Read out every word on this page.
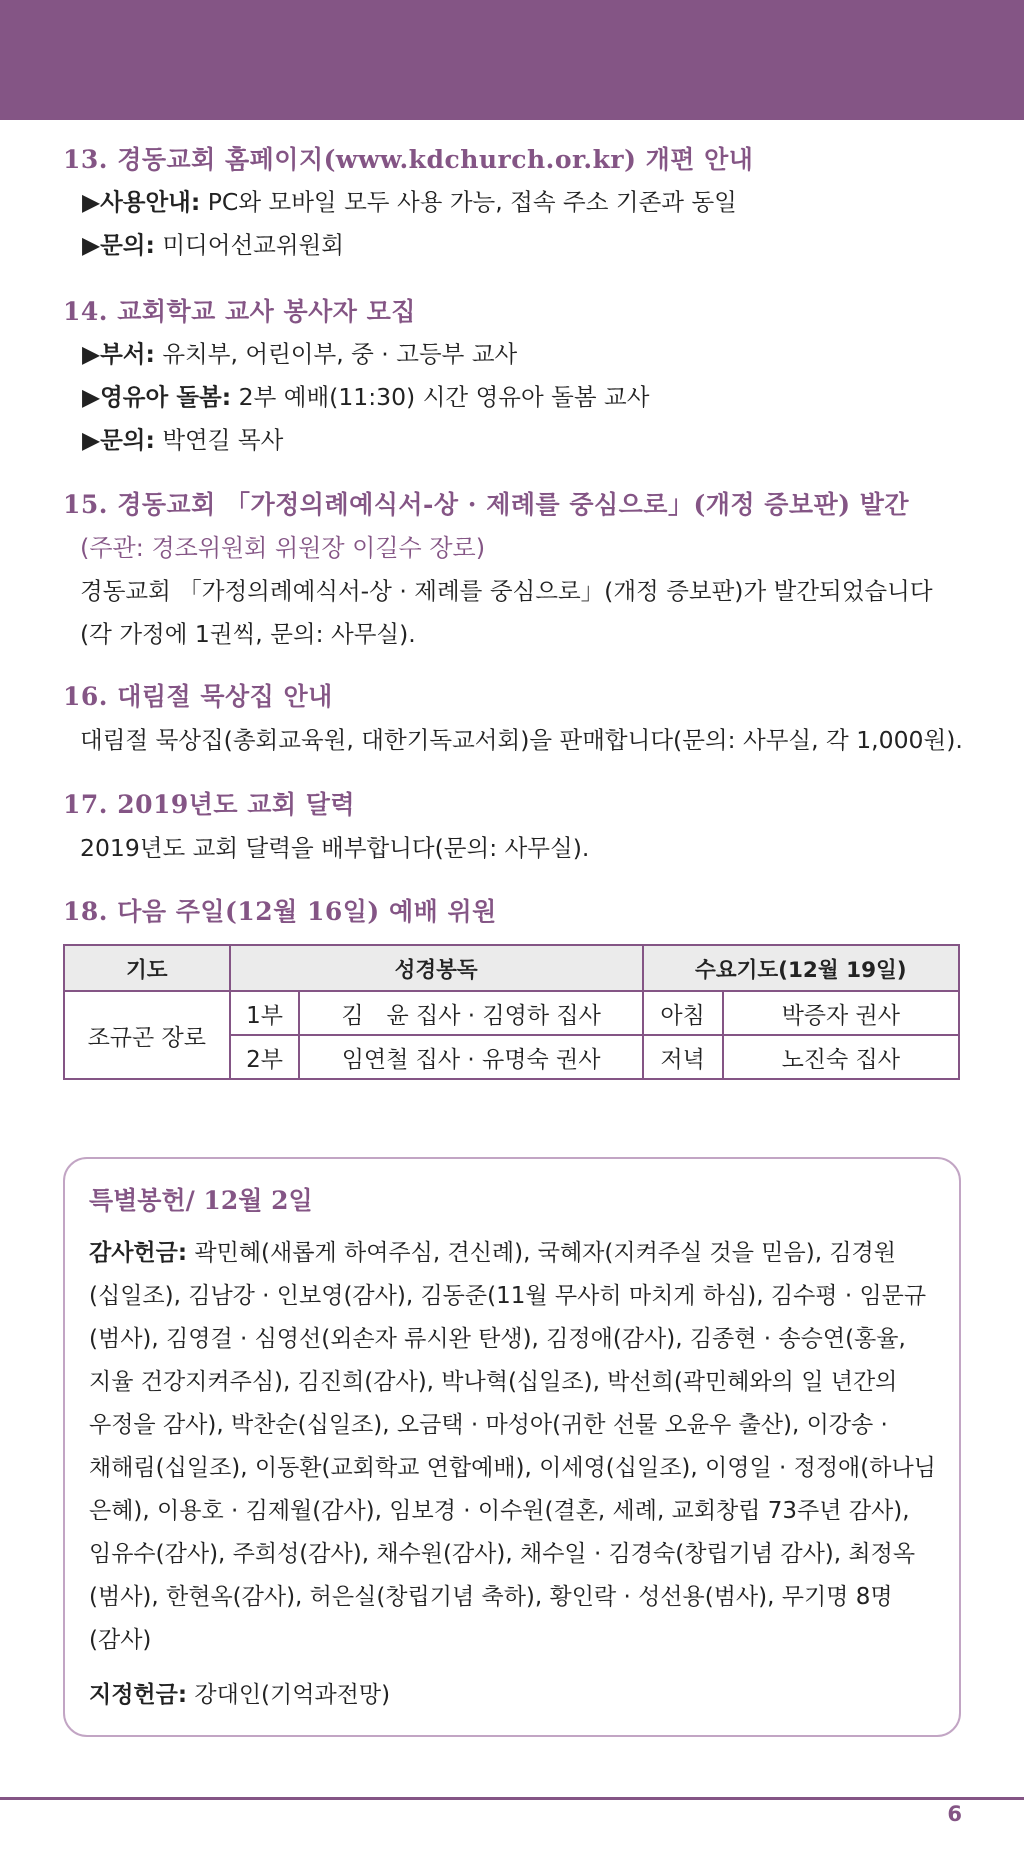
13. 경동교회 홈페이지(www.kdchurch.or.kr) 개편 안내
▶사용안내: PC와 모바일 모두 사용 가능, 접속 주소 기존과 동일
▶문의: 미디어선교위원회
14. 교회학교 교사 봉사자 모집
▶부서: 유치부, 어린이부, 중 · 고등부 교사
▶영유아 돌봄: 2부 예배(11:30) 시간 영유아 돌봄 교사
▶문의: 박연길 목사
15. 경동교회 「가정의례예식서-상 · 제례를 중심으로」(개정 증보판) 발간
(주관: 경조위원회 위원장 이길수 장로)
경동교회 「가정의례예식서-상 · 제례를 중심으로」(개정 증보판)가 발간되었습니다
(각 가정에 1권씩, 문의: 사무실).
16. 대림절 묵상집 안내
대림절 묵상집(총회교육원, 대한기독교서회)을 판매합니다(문의: 사무실, 각 1,000원).
17. 2019년도 교회 달력
2019년도 교회 달력을 배부합니다(문의: 사무실).
18. 다음 주일(12월 16일) 예배 위원
기도	성경봉독		수요기도(12월 19일)	
조규곤 장로	1부	김　윤 집사 · 김영하 집사	아침	박증자 권사
	2부	임연철 집사 · 유명숙 권사	저녁	노진숙 집사
특별봉헌/ 12월 2일
감사헌금: 곽민혜(새롭게 하여주심, 견신례), 국혜자(지켜주실 것을 믿음), 김경원
(십일조), 김남강 · 인보영(감사), 김동준(11월 무사히 마치게 하심), 김수평 · 임문규
(범사), 김영걸 · 심영선(외손자 류시완 탄생), 김정애(감사), 김종현 · 송승연(홍율,
지율 건강지켜주심), 김진희(감사), 박나혁(십일조), 박선희(곽민혜와의 일 년간의
우정을 감사), 박찬순(십일조), 오금택 · 마성아(귀한 선물 오윤우 출산), 이강송 ·
채해림(십일조), 이동환(교회학교 연합예배), 이세영(십일조), 이영일 · 정정애(하나님
은혜), 이용호 · 김제월(감사), 임보경 · 이수원(결혼, 세례, 교회창립 73주년 감사),
임유수(감사), 주희성(감사), 채수원(감사), 채수일 · 김경숙(창립기념 감사), 최정옥
(범사), 한현옥(감사), 허은실(창립기념 축하), 황인락 · 성선용(범사), 무기명 8명
(감사)
지정헌금: 강대인(기억과전망)
6
